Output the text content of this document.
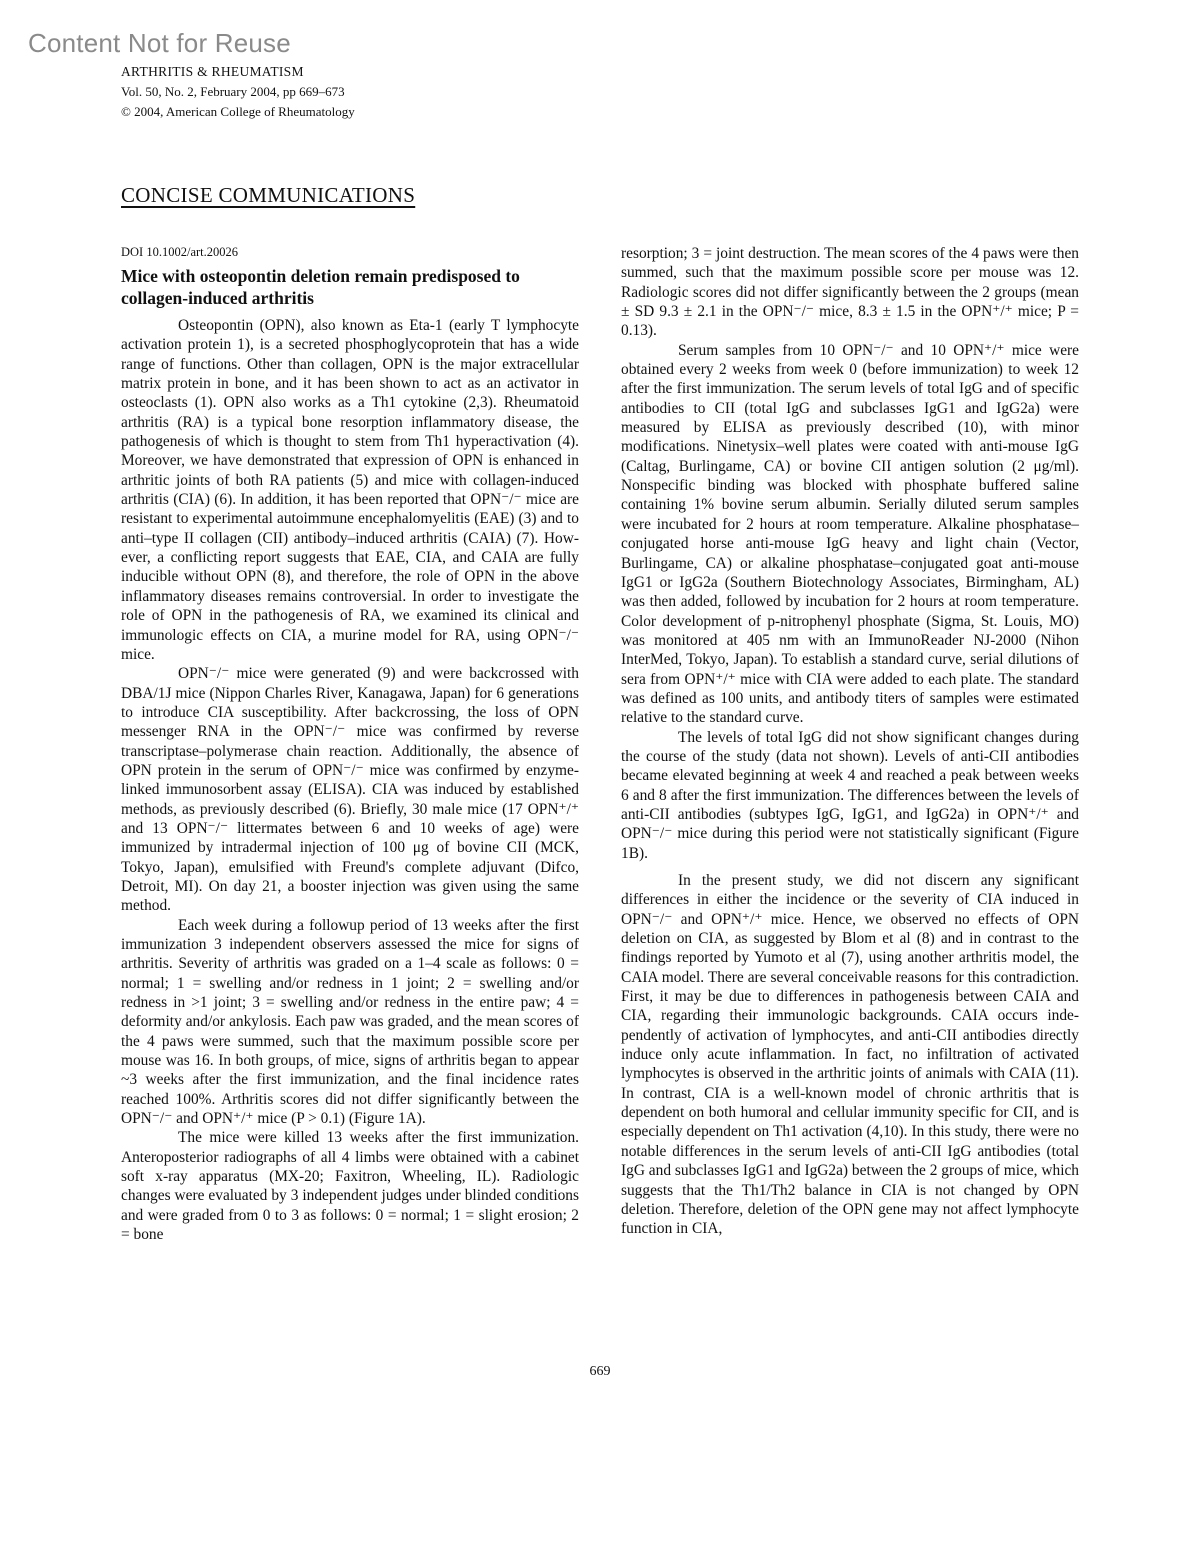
Content Not for Reuse
ARTHRITIS & RHEUMATISM
Vol. 50, No. 2, February 2004, pp 669–673
© 2004, American College of Rheumatology
CONCISE COMMUNICATIONS
DOI 10.1002/art.20026
Mice with osteopontin deletion remain predisposed to collagen-induced arthritis

Osteopontin (OPN), also known as Eta-1 (early T lymphocyte activation protein 1), is a secreted phosphoglycoprotein that has a wide range of functions. Other than collagen, OPN is the major extracellular matrix protein in bone, and it has been shown to act as an activator in osteoclasts (1). OPN also works as a Th1 cytokine (2,3). Rheumatoid arthritis (RA) is a typical bone resorption inflammatory disease, the pathogenesis of which is thought to stem from Th1 hyperactivation (4). Moreover, we have demonstrated that expression of OPN is enhanced in arthritic joints of both RA patients (5) and mice with collagen-induced arthritis (CIA) (6). In addition, it has been reported that OPN⁻/⁻ mice are resistant to experimental autoimmune encephalomyelitis (EAE) (3) and to anti–type II collagen (CII) antibody–induced arthritis (CAIA) (7). However, a conflicting report suggests that EAE, CIA, and CAIA are fully inducible without OPN (8), and therefore, the role of OPN in the above inflammatory diseases remains controversial. In order to investigate the role of OPN in the pathogenesis of RA, we examined its clinical and immunologic effects on CIA, a murine model for RA, using OPN⁻/⁻ mice.

OPN⁻/⁻ mice were generated (9) and were backcrossed with DBA/1J mice (Nippon Charles River, Kanagawa, Japan) for 6 generations to introduce CIA susceptibility. After backcrossing, the loss of OPN messenger RNA in the OPN⁻/⁻ mice was confirmed by reverse transcriptase–polymerase chain reaction. Additionally, the absence of OPN protein in the serum of OPN⁻/⁻ mice was confirmed by enzyme-linked immunosorbent assay (ELISA). CIA was induced by established methods, as previously described (6). Briefly, 30 male mice (17 OPN⁺/⁺ and 13 OPN⁻/⁻ littermates between 6 and 10 weeks of age) were immunized by intradermal injection of 100 μg of bovine CII (MCK, Tokyo, Japan), emulsified with Freund's complete adjuvant (Difco, Detroit, MI). On day 21, a booster injection was given using the same method.

Each week during a followup period of 13 weeks after the first immunization 3 independent observers assessed the mice for signs of arthritis. Severity of arthritis was graded on a 1–4 scale as follows: 0 = normal; 1 = swelling and/or redness in 1 joint; 2 = swelling and/or redness in >1 joint; 3 = swelling and/or redness in the entire paw; 4 = deformity and/or ankylosis. Each paw was graded, and the mean scores of the 4 paws were summed, such that the maximum possible score per mouse was 16. In both groups, of mice, signs of arthritis began to appear ~3 weeks after the first immunization, and the final incidence rates reached 100%. Arthritis scores did not differ significantly between the OPN⁻/⁻ and OPN⁺/⁺ mice (P > 0.1) (Figure 1A).

The mice were killed 13 weeks after the first immunization. Anteroposterior radiographs of all 4 limbs were obtained with a cabinet soft x-ray apparatus (MX-20; Faxitron, Wheeling, IL). Radiologic changes were evaluated by 3 independent judges under blinded conditions and were graded from 0 to 3 as follows: 0 = normal; 1 = slight erosion; 2 = bone

resorption; 3 = joint destruction. The mean scores of the 4 paws were then summed, such that the maximum possible score per mouse was 12. Radiologic scores did not differ significantly between the 2 groups (mean ± SD 9.3 ± 2.1 in the OPN⁻/⁻ mice, 8.3 ± 1.5 in the OPN⁺/⁺ mice; P = 0.13).

Serum samples from 10 OPN⁻/⁻ and 10 OPN⁺/⁺ mice were obtained every 2 weeks from week 0 (before immunization) to week 12 after the first immunization. The serum levels of total IgG and of specific antibodies to CII (total IgG and subclasses IgG1 and IgG2a) were measured by ELISA as previously described (10), with minor modifications. Ninetysix–well plates were coated with anti-mouse IgG (Caltag, Burlingame, CA) or bovine CII antigen solution (2 μg/ml). Nonspecific binding was blocked with phosphate buffered saline containing 1% bovine serum albumin. Serially diluted serum samples were incubated for 2 hours at room temperature. Alkaline phosphatase–conjugated horse anti-mouse IgG heavy and light chain (Vector, Burlingame, CA) or alkaline phosphatase–conjugated goat anti-mouse IgG1 or IgG2a (Southern Biotechnology Associates, Birmingham, AL) was then added, followed by incubation for 2 hours at room temperature. Color development of p-nitrophenyl phosphate (Sigma, St. Louis, MO) was monitored at 405 nm with an ImmunoReader NJ-2000 (Nihon InterMed, Tokyo, Japan). To establish a standard curve, serial dilutions of sera from OPN⁺/⁺ mice with CIA were added to each plate. The standard was defined as 100 units, and antibody titers of samples were estimated relative to the standard curve.

The levels of total IgG did not show significant changes during the course of the study (data not shown). Levels of anti-CII antibodies became elevated beginning at week 4 and reached a peak between weeks 6 and 8 after the first immunization. The differences between the levels of anti-CII antibodies (subtypes IgG, IgG1, and IgG2a) in OPN⁺/⁺ and OPN⁻/⁻ mice during this period were not statistically significant (Figure 1B).

In the present study, we did not discern any significant differences in either the incidence or the severity of CIA induced in OPN⁻/⁻ and OPN⁺/⁺ mice. Hence, we observed no effects of OPN deletion on CIA, as suggested by Blom et al (8) and in contrast to the findings reported by Yumoto et al (7), using another arthritis model, the CAIA model. There are several conceivable reasons for this contradiction. First, it may be due to differences in pathogenesis between CAIA and CIA, regarding their immunologic backgrounds. CAIA occurs independently of activation of lymphocytes, and anti-CII antibodies directly induce only acute inflammation. In fact, no infiltration of activated lymphocytes is observed in the arthritic joints of animals with CAIA (11). In contrast, CIA is a well-known model of chronic arthritis that is dependent on both humoral and cellular immunity specific for CII, and is especially dependent on Th1 activation (4,10). In this study, there were no notable differences in the serum levels of anti-CII IgG antibodies (total IgG and subclasses IgG1 and IgG2a) between the 2 groups of mice, which suggests that the Th1/Th2 balance in CIA is not changed by OPN deletion. Therefore, deletion of the OPN gene may not affect lymphocyte function in CIA,

669
